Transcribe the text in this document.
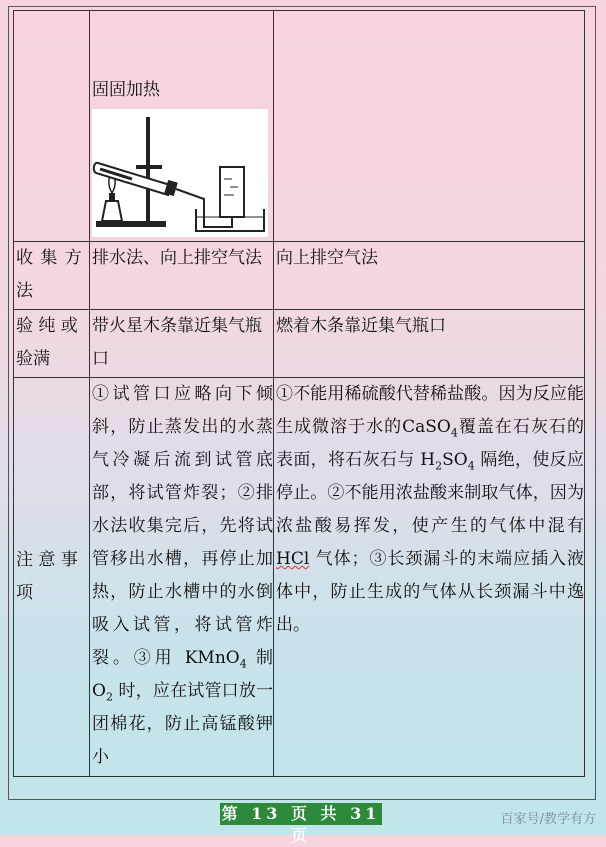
	固固加热	

收 集 方法	排水法、向上排空气法	向上排空气法
验 纯 或验满	带火星木条靠近集气瓶口	燃着木条靠近集气瓶口
注 意 事项	①试管口应略向下倾斜，防止蒸发出的水蒸气冷凝后流到试管底部，将试管炸裂；②排水法收集完后，先将试管移出水槽，再停止加热，防止水槽中的水倒吸入试管，将试管炸裂。③用 KMnO$_4$ 制 $O_2$ 时，应在试管口放一团棉花，防止高锰酸钾小	①不能用稀硫酸代替稀盐酸。因为反应能生成微溶于水的CaSO$_4$覆盖在石灰石的表面，将石灰石与 $H_2SO_4$ 隔绝，使反应停止。②不能用浓盐酸来制取气体，因为浓盐酸易挥发，使产生的气体中混有 HCl 气体；③长颈漏斗的末端应插入液体中，防止生成的气体从长颈漏斗中逸出。
第 13 页 共 31 页
百家号/教学有方
